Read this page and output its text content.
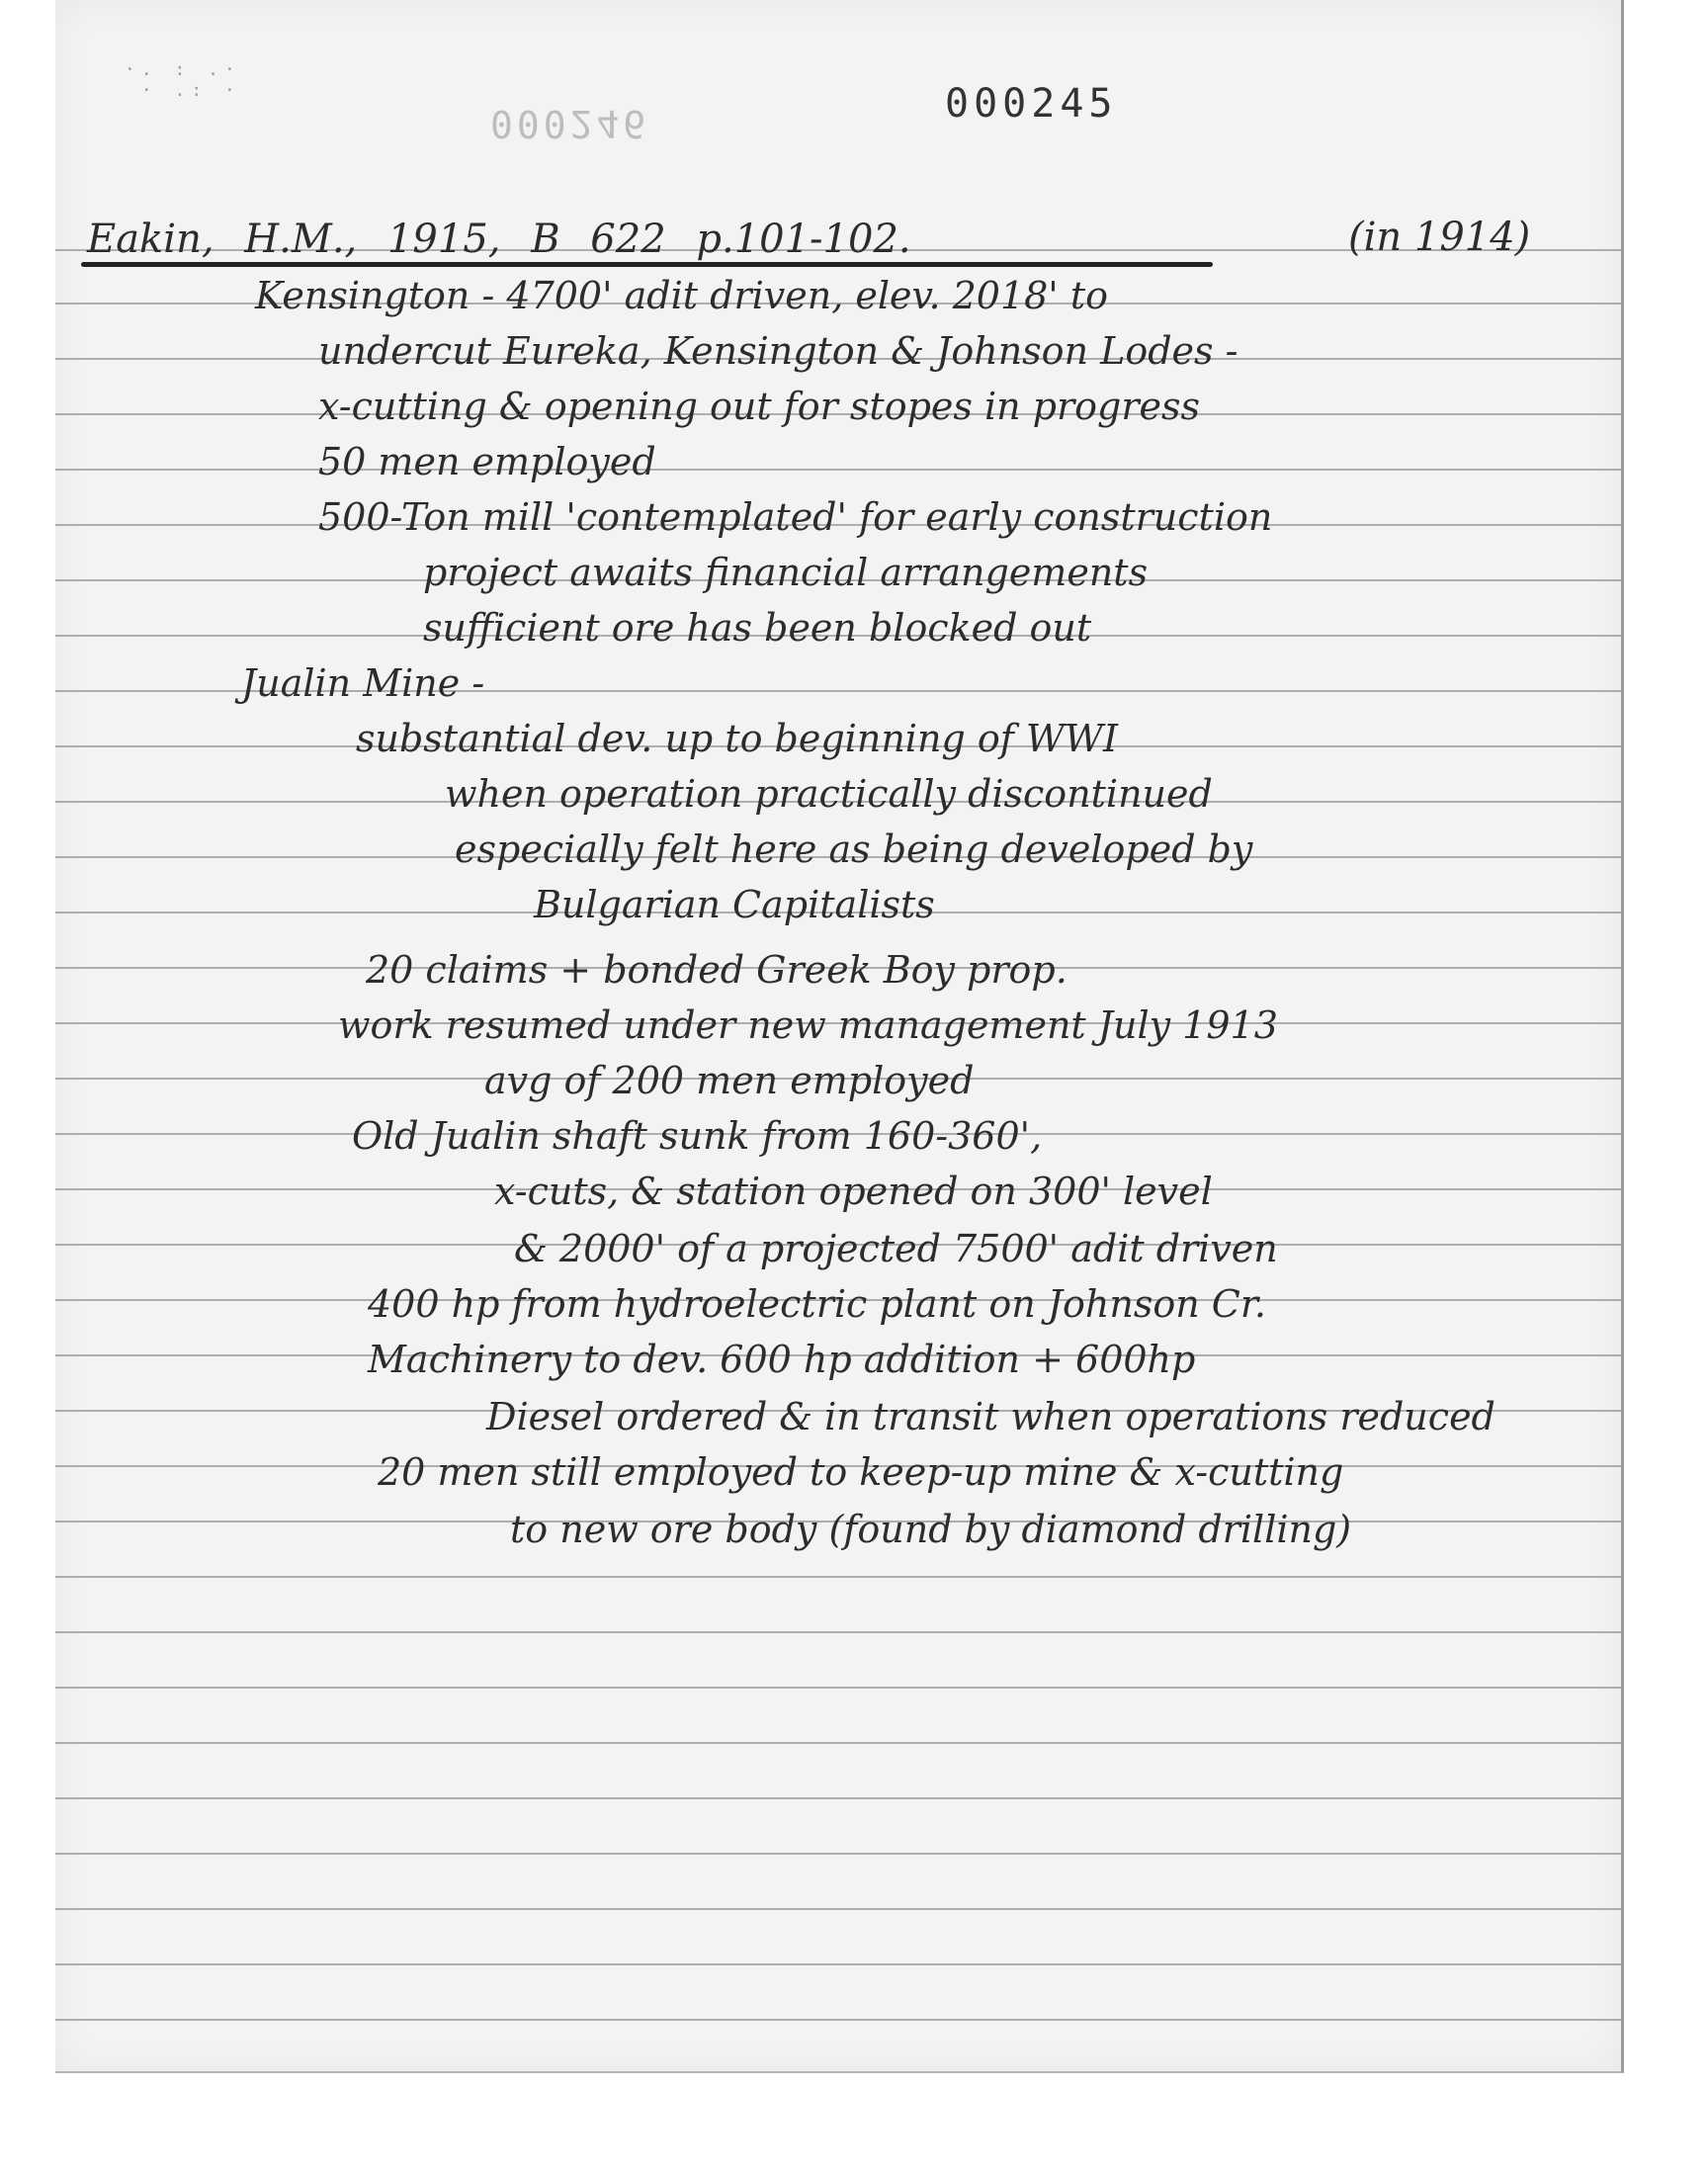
·. : .·
· .: ·
000246	000245
Eakin, H.M., 1915, B 622 p.101-102.	(in 1914)
Kensington - 4700' adit driven, elev. 2018' to
undercut Eureka, Kensington & Johnson Lodes -
x-cutting & opening out for stopes in progress
50 men employed
500-Ton mill 'contemplated' for early construction
project awaits financial arrangements
sufficient ore has been blocked out
Jualin Mine -
substantial dev. up to beginning of WWI
when operation practically discontinued
especially felt here as being developed by
Bulgarian Capitalists
20 claims + bonded Greek Boy prop.
work resumed under new management July 1913
avg of 200 men employed
Old Jualin shaft sunk from 160-360',
x-cuts, & station opened on 300' level
& 2000' of a projected 7500' adit driven
400 hp from hydroelectric plant on Johnson Cr.
Machinery to dev. 600 hp addition + 600hp
Diesel ordered & in transit when operations reduced
20 men still employed to keep-up mine & x-cutting
to new ore body (found by diamond drilling)
